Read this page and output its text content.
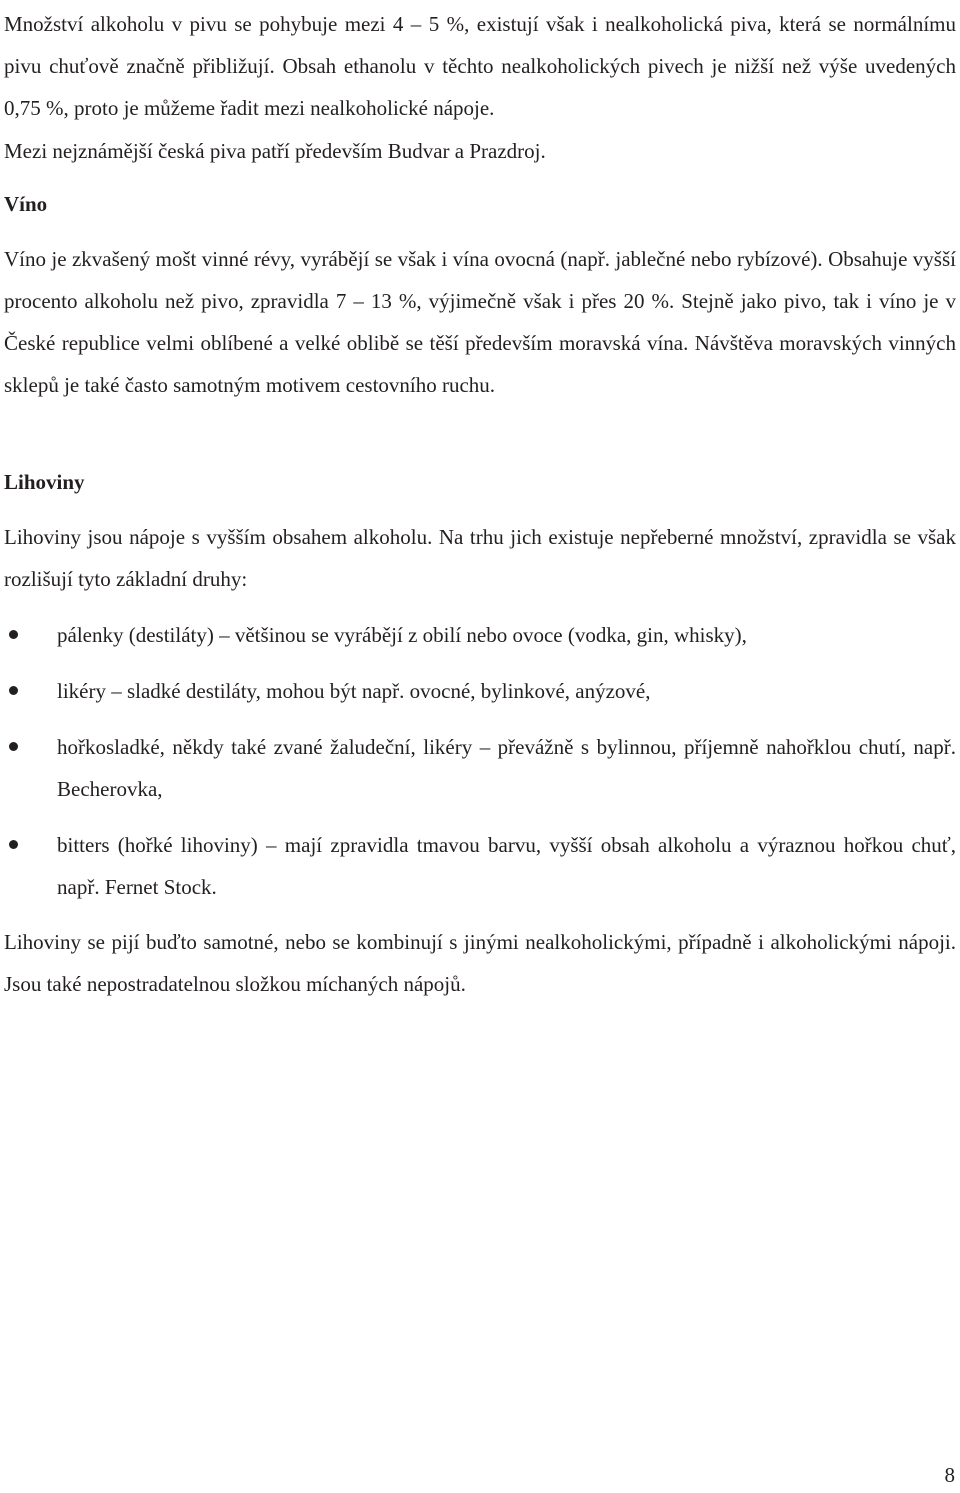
Množství alkoholu v pivu se pohybuje mezi 4 – 5 %, existují však i nealkoholická piva, která se normálnímu pivu chuťově značně přibližují. Obsah ethanolu v těchto nealkoholických pivech je nižší než výše uvedených 0,75 %, proto je můžeme řadit mezi nealkoholické nápoje.

Mezi nejznámější česká piva patří především Budvar a Prazdroj.

Víno

Víno je zkvašený mošt vinné révy, vyrábějí se však i vína ovocná (např. jablečné nebo rybízové). Obsahuje vyšší procento alkoholu než pivo, zpravidla 7 – 13 %, výjimečně však i přes 20 %. Stejně jako pivo, tak i víno je v České republice velmi oblíbené a velké oblibě se těší především moravská vína. Návštěva moravských vinných sklepů je také často samotným motivem cestovního ruchu.

Lihoviny

Lihoviny jsou nápoje s vyšším obsahem alkoholu. Na trhu jich existuje nepřeberné množství, zpravidla se však rozlišují tyto základní druhy:

pálenky (destiláty) – většinou se vyrábějí z obilí nebo ovoce (vodka, gin, whisky),
likéry – sladké destiláty, mohou být např. ovocné, bylinkové, anýzové,
hořkosladké, někdy také zvané žaludeční, likéry – převážně s bylinnou, příjemně nahořklou chutí, např. Becherovka,
bitters (hořké lihoviny) – mají zpravidla tmavou barvu, vyšší obsah alkoholu a výraznou hořkou chuť, např. Fernet Stock.

Lihoviny se pijí buďto samotné, nebo se kombinují s jinými nealkoholickými, případně i alkoholickými nápoji. Jsou také nepostradatelnou složkou míchaných nápojů.

8
